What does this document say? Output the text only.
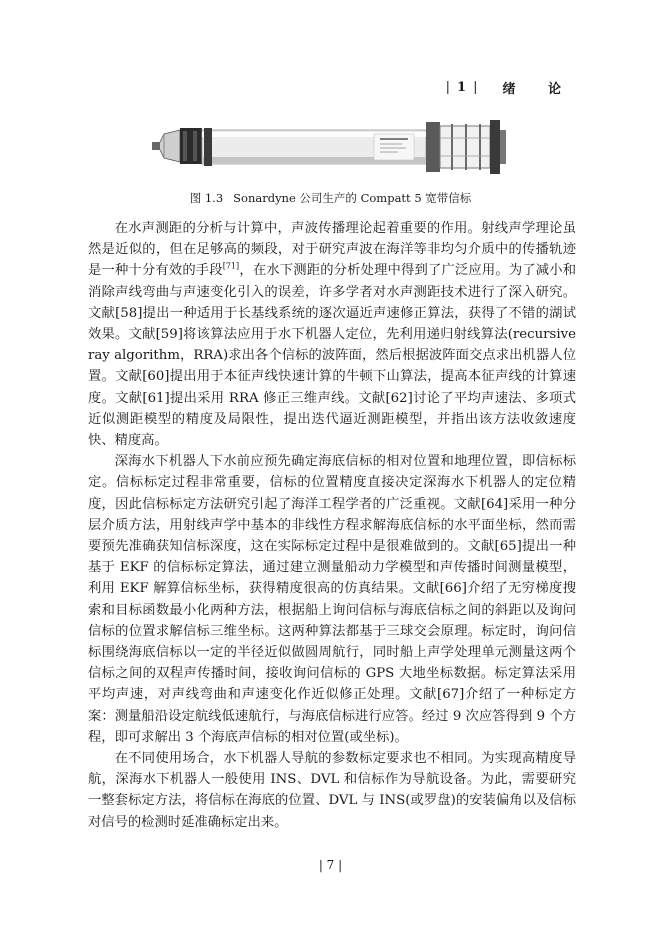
| 1 | 绪 论
图 1.3 Sonardyne 公司生产的 Compatt 5 宽带信标

在水声测距的分析与计算中，声波传播理论起着重要的作用。射线声学理论虽然是近似的，但在足够高的频段，对于研究声波在海洋等非均匀介质中的传播轨迹是一种十分有效的手段[71]，在水下测距的分析处理中得到了广泛应用。为了减小和消除声线弯曲与声速变化引入的误差，许多学者对水声测距技术进行了深入研究。文献[58]提出一种适用于长基线系统的逐次逼近声速修正算法，获得了不错的湖试效果。文献[59]将该算法应用于水下机器人定位，先利用递归射线算法(recursive ray algorithm，RRA)求出各个信标的波阵面，然后根据波阵面交点求出机器人位置。文献[60]提出用于本征声线快速计算的牛顿下山算法，提高本征声线的计算速度。文献[61]提出采用 RRA 修正三维声线。文献[62]讨论了平均声速法、多项式近似测距模型的精度及局限性，提出迭代逼近测距模型，并指出该方法收敛速度快、精度高。

深海水下机器人下水前应预先确定海底信标的相对位置和地理位置，即信标标定。信标标定过程非常重要，信标的位置精度直接决定深海水下机器人的定位精度，因此信标标定方法研究引起了海洋工程学者的广泛重视。文献[64]采用一种分层介质方法，用射线声学中基本的非线性方程求解海底信标的水平面坐标，然而需要预先准确获知信标深度，这在实际标定过程中是很难做到的。文献[65]提出一种基于 EKF 的信标标定算法，通过建立测量船动力学模型和声传播时间测量模型，利用 EKF 解算信标坐标，获得精度很高的仿真结果。文献[66]介绍了无穷梯度搜索和目标函数最小化两种方法，根据船上询问信标与海底信标之间的斜距以及询问信标的位置求解信标三维坐标。这两种算法都基于三球交会原理。标定时，询问信标围绕海底信标以一定的半径近似做圆周航行，同时船上声学处理单元测量这两个信标之间的双程声传播时间，接收询问信标的 GPS 大地坐标数据。标定算法采用平均声速，对声线弯曲和声速变化作近似修正处理。文献[67]介绍了一种标定方案：测量船沿设定航线低速航行，与海底信标进行应答。经过 9 次应答得到 9 个方程，即可求解出 3 个海底声信标的相对位置(或坐标)。

在不同使用场合，水下机器人导航的参数标定要求也不相同。为实现高精度导航，深海水下机器人一般使用 INS、DVL 和信标作为导航设备。为此，需要研究一整套标定方法，将信标在海底的位置、DVL 与 INS(或罗盘)的安装偏角以及信标对信号的检测时延准确标定出来。

| 7 |
